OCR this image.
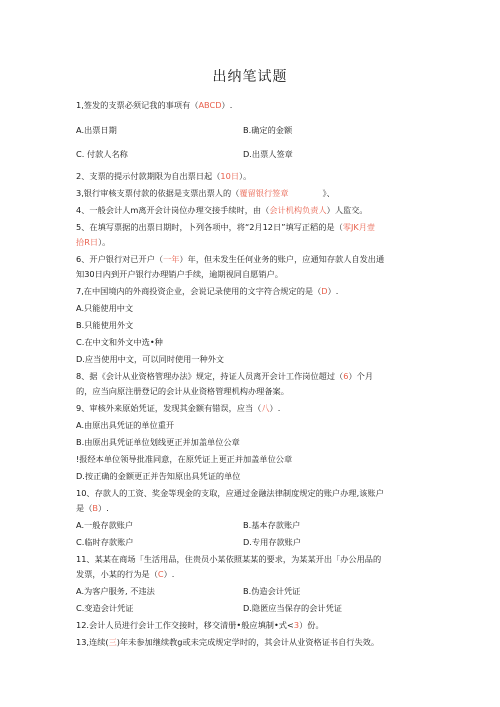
出纳笔试题
1,签发的支票必须记我的事项有（ABCD）.
A.出票日期	B.确定的金额
C. 付款人名称	D.出票人签章
2、支票的提示付款期限为自出票日起（10日）。
3,银行审核支票付款的依据是支票出票人的（覆留银行签章	》、
4、一般会计人m离开会计岗位办理交接手续时，由（会计机构负责人）人监交。
5、在填写票据的出票日期时，卜列各项中，将“2月12日”填写正稻的是（零JK月壹
拾R日）。
6、开户银行对已开户（一年）年，但未发生任何业务的账户，应通知存款人自发出通
知30日内到开户银行办理销户手续，逾期视同自愿销户。
7,在中国境内的外商投资企业，会说记录使用的文字符合规定的是（D）.
A.只能使用中文
B.只能使用外文
C.在中文和外文中选•种
D.应当使用中文，可以同时使用一种外文
8、据《会计从业资格管理办法》规定，持证人员离开会计工作岗位超过（6）个月
的，应当向原注册登记的会计从业资格管理机构办理备案。
9、审核外来原始凭证，发现其金额有错误，应当（八）.
A.由原出具凭证的单位重开
B.由原出具凭证单位划线更正并加盖单位公章
!报经本单位领导批准同意，在原凭证上更正并加盖单位公章
D.按正确的金额更正并告知原出具凭证的单位
10、存款人的工资、奖金等现金的支取，应通过金融法律制度规定的账户办理,该账户
是（B）.
A.一般存款账户	B.基本存款账户
C.临时存款账户	D.专用存款账户
11、某某在商场「生活用品，住贵员小某依照某某的要求，为某某开出「办公用品的
发票，小某的行为是（C）.
A.为客户服务, 不违法	B.伪造会计凭证
C.变造会计凭证	D.隐匿应当保存的会计凭证
12.会计人员进行会计工作交接时，移交清册•般应填制•式<3）份。
13,连续(三)年未参加继续教g或未完成规定学时的，其会计从业资格证书自行失效。
